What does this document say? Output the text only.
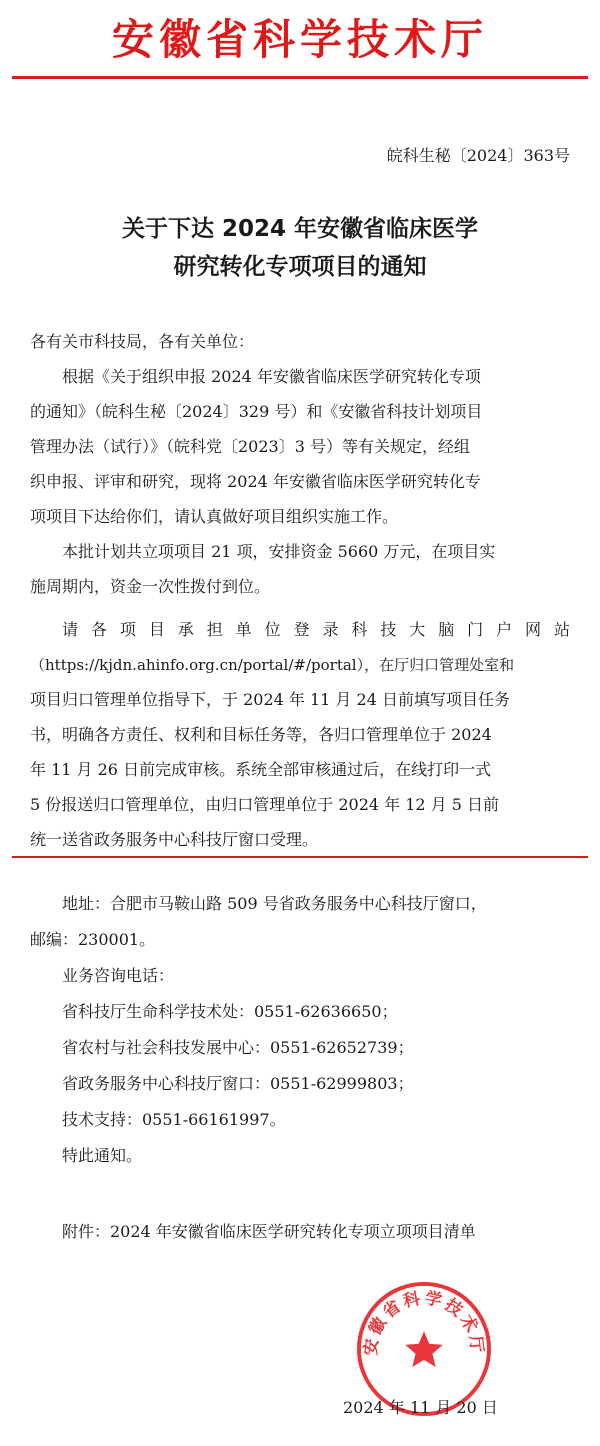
安徽省科学技术厅
皖科生秘〔2024〕363号
关于下达 2024 年安徽省临床医学
研究转化专项项目的通知
各有关市科技局，各有关单位：
根据《关于组织申报 2024 年安徽省临床医学研究转化专项
的通知》（皖科生秘〔2024〕329 号）和《安徽省科技计划项目
管理办法（试行）》（皖科党〔2023〕3 号）等有关规定，经组
织申报、评审和研究，现将 2024 年安徽省临床医学研究转化专
项项目下达给你们，请认真做好项目组织实施工作。
本批计划共立项项目 21 项，安排资金 5660 万元，在项目实
施周期内，资金一次性拨付到位。
请各项目承担单位登录科技大脑门户网站
（https://kjdn.ahinfo.org.cn/portal/#/portal），在厅归口管理处室和
项目归口管理单位指导下，于 2024 年 11 月 24 日前填写项目任务
书，明确各方责任、权利和目标任务等，各归口管理单位于 2024
年 11 月 26 日前完成审核。系统全部审核通过后，在线打印一式
5 份报送归口管理单位，由归口管理单位于 2024 年 12 月 5 日前
统一送省政务服务中心科技厅窗口受理。
地址：合肥市马鞍山路 509 号省政务服务中心科技厅窗口，
邮编：230001。
业务咨询电话：
省科技厅生命科学技术处：0551-62636650；
省农村与社会科技发展中心：0551-62652739；
省政务服务中心科技厅窗口：0551-62999803；
技术支持：0551-66161997。
特此通知。
附件：2024 年安徽省临床医学研究转化专项立项项目清单
安徽省科学技术厅
2024 年 11 月 20 日
